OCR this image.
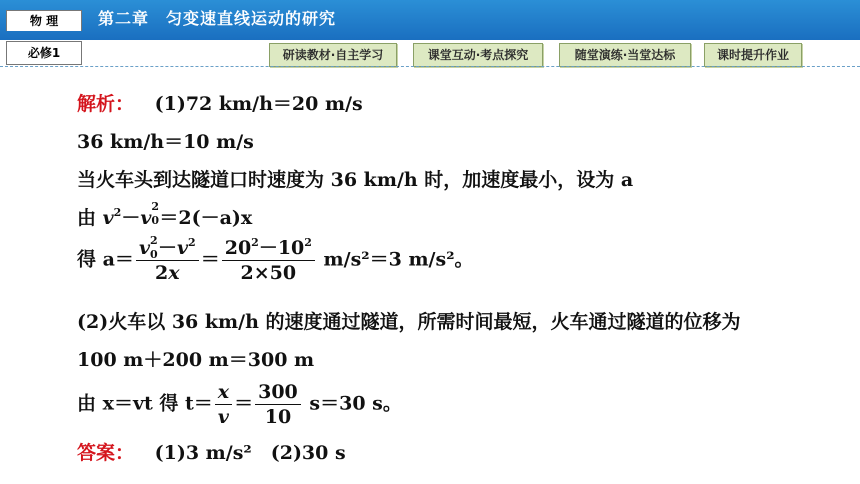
物 理	第二章　匀变速直线运动的研究
必修1	研读教材·自主学习	课堂互动·考点探究	随堂演练·当堂达标	课时提升作业
解析： (1)72 km/h＝20 m/s
36 km/h＝10 m/s
当火车头到达隧道口时速度为 36 km/h 时，加速度最小，设为 a
由 $v^2-v$
2
0 ＝2(－a)x
得 a＝ v 2
$0 -v^2$
$2x = \frac{20^2-10^2}{2\times 50} m/s^2=3$ m/s²。
(2)火车以 36 km/h 的速度通过隧道，所需时间最短，火车通过隧道的位移为
100 m＋200 m＝300 m
由 x＝vt 得 $t= \frac{x}{v} = \frac{300}{10} s=30$ s。
答案： (1)3 m/s²　(2)30 s
